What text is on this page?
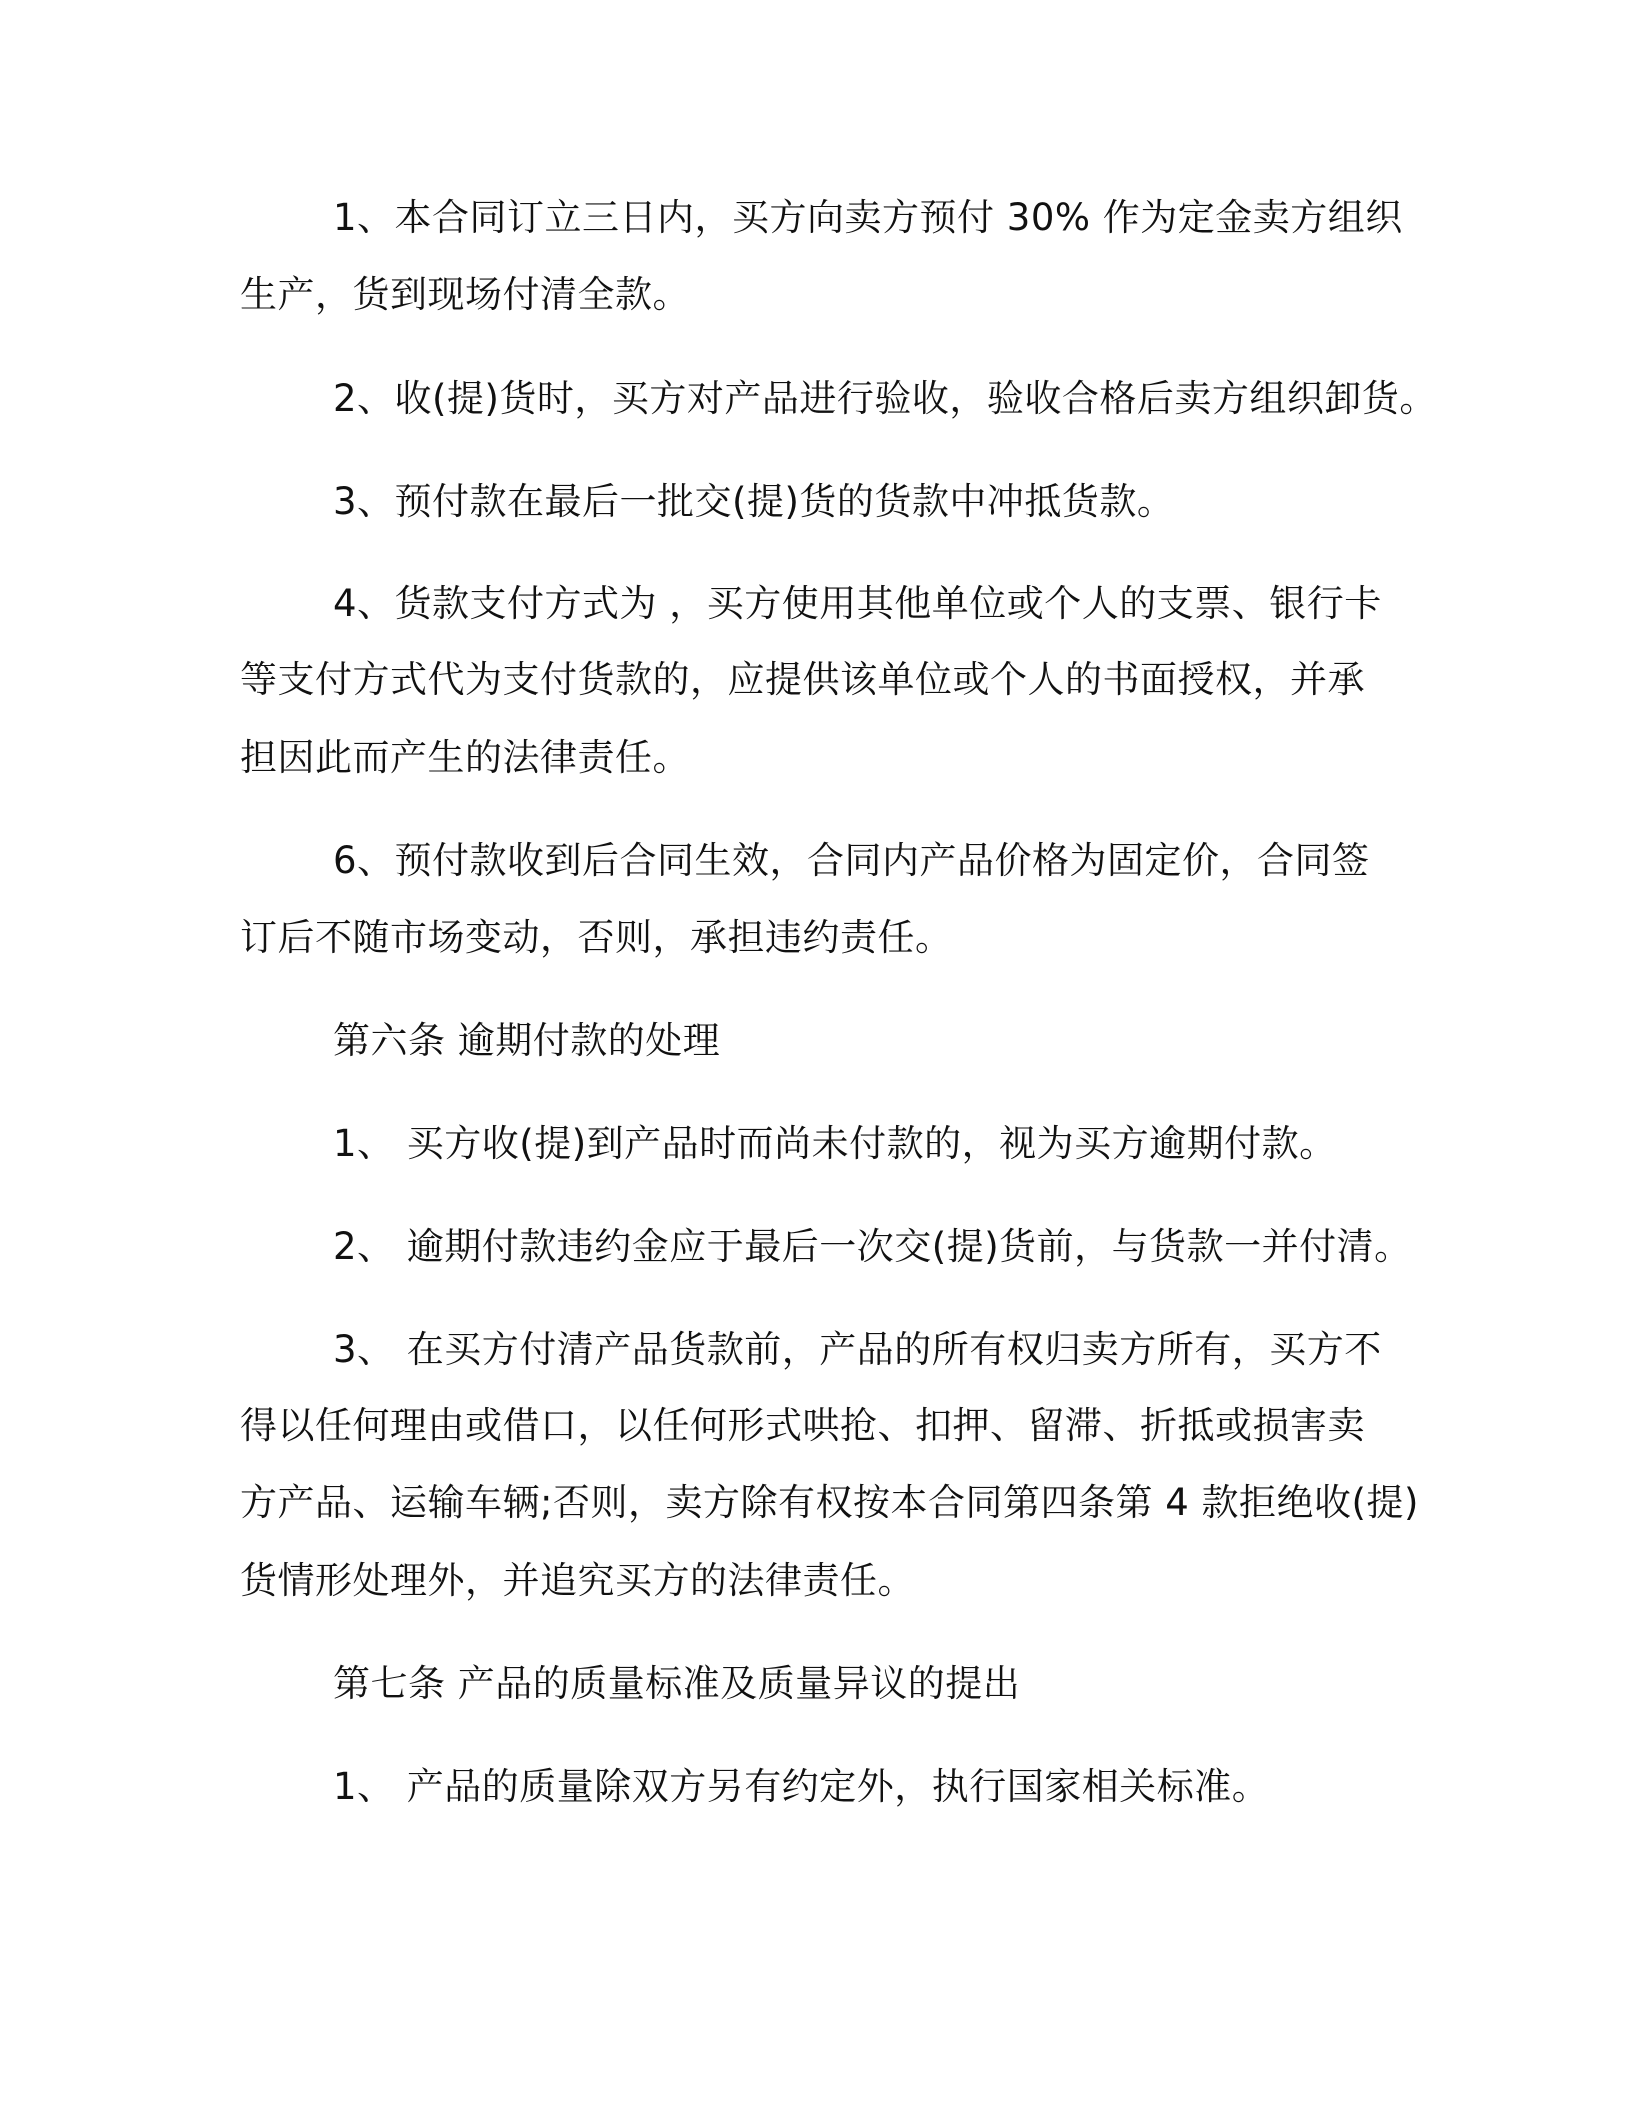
1、本合同订立三日内，买方向卖方预付 30% 作为定金卖方组织
生产，货到现场付清全款。
2、收(提)货时，买方对产品进行验收，验收合格后卖方组织卸货。
3、预付款在最后一批交(提)货的货款中冲抵货款。
4、货款支付方式为 ，买方使用其他单位或个人的支票、银行卡
等支付方式代为支付货款的，应提供该单位或个人的书面授权，并承
担因此而产生的法律责任。
6、预付款收到后合同生效，合同内产品价格为固定价，合同签
订后不随市场变动，否则，承担违约责任。
第六条 逾期付款的处理
1、 买方收(提)到产品时而尚未付款的，视为买方逾期付款。
2、 逾期付款违约金应于最后一次交(提)货前，与货款一并付清。
3、 在买方付清产品货款前，产品的所有权归卖方所有，买方不
得以任何理由或借口，以任何形式哄抢、扣押、留滞、折抵或损害卖
方产品、运输车辆;否则，卖方除有权按本合同第四条第 4 款拒绝收(提)
货情形处理外，并追究买方的法律责任。
第七条 产品的质量标准及质量异议的提出
1、 产品的质量除双方另有约定外，执行国家相关标准。
